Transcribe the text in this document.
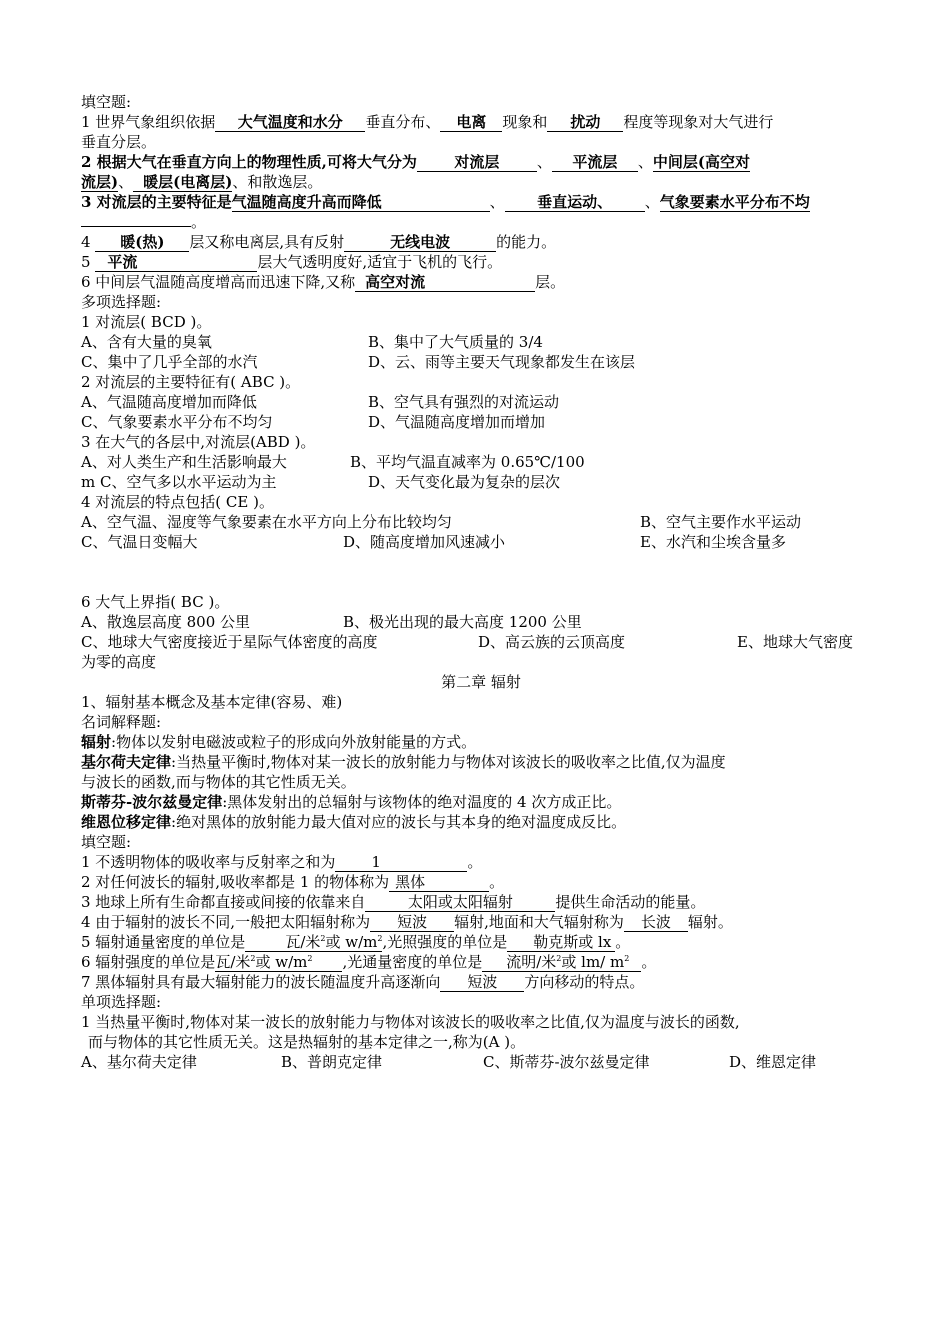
填空题:
1 世界气象组织依据 大气温度和水分 垂直分布、 电离 现象和 扰动 程度等现象对大气进行
垂直分层。
2 根据大气在垂直方向上的物理性质,可将大气分为 对流层	、 平流层 、中间层(高空对
流层)、 暖层(电离层)、和散逸层。
3 对流层的主要特征是气温随高度升高而降低	、 垂直运动、 、气象要素水平分布不均
。
4 暖(热) 层又称电离层,具有反射	无线电波	的能力。
5 平流	层大气透明度好,适宜于飞机的飞行。
6 中间层气温随高度增高而迅速下降,又称 高空对流	层。
多项选择题:
1 对流层( BCD )。
A、含有大量的臭氧	B、集中了大气质量的 3/4
C、集中了几乎全部的水汽	D、云、雨等主要天气现象都发生在该层
2 对流层的主要特征有( ABC )。
A、气温随高度增加而降低	B、空气具有强烈的对流运动
C、气象要素水平分布不均匀	D、气温随高度增加而增加
3 在大气的各层中,对流层(ABD )。
A、对人类生产和生活影响最大	B、平均气温直减率为 0.65℃/100
m C、空气多以水平运动为主	D、天气变化最为复杂的层次
4 对流层的特点包括( CE )。
A、空气温、湿度等气象要素在水平方向上分布比较均匀	B、空气主要作水平运动
C、气温日变幅大	D、随高度增加风速减小	E、水汽和尘埃含量多
6 大气上界指( BC )。
A、散逸层高度 800 公里	B、极光出现的最大高度 1200 公里
C、地球大气密度接近于星际气体密度的高度	D、高云族的云顶高度	E、地球大气密度
为零的高度
第二章 辐射
1、辐射基本概念及基本定律(容易、难)
名词解释题:
辐射:物体以发射电磁波或粒子的形成向外放射能量的方式。
基尔荷夫定律:当热量平衡时,物体对某一波长的放射能力与物体对该波长的吸收率之比值,仅为温度
与波长的函数,而与物体的其它性质无关。
斯蒂芬-波尔兹曼定律:黑体发射出的总辐射与该物体的绝对温度的 4 次方成正比。
维恩位移定律:绝对黑体的放射能力最大值对应的波长与其本身的绝对温度成反比。
填空题:
1 不透明物体的吸收率与反射率之和为 1	。
2 对任何波长的辐射,吸收率都是 1 的物体称为 黑体	。
3 地球上所有生命都直接或间接的依靠来自	太阳或太阳辐射	提供生命活动的能量。
4 由于辐射的波长不同,一般把太阳辐射称为 短波 辐射,地面和大气辐射称为 长波 辐射。
5 辐射通量密度的单位是	瓦/米$^2$或 $w/m^2$,光照强度的单位是 勒克斯或 lx 。
6 辐射强度的单位是瓦/米$^2$或 $w/m^2$ ,光通量密度的单位是 流明/米$^2$或 lm/ $m^2$ 。
7 黑体辐射具有最大辐射能力的波长随温度升高逐渐向 短波 方向移动的特点。
单项选择题:
1 当热量平衡时,物体对某一波长的放射能力与物体对该波长的吸收率之比值,仅为温度与波长的函数,
而与物体的其它性质无关。这是热辐射的基本定律之一,称为(A )。
A、基尔荷夫定律	B、普朗克定律	C、斯蒂芬-波尔兹曼定律	D、维恩定律
